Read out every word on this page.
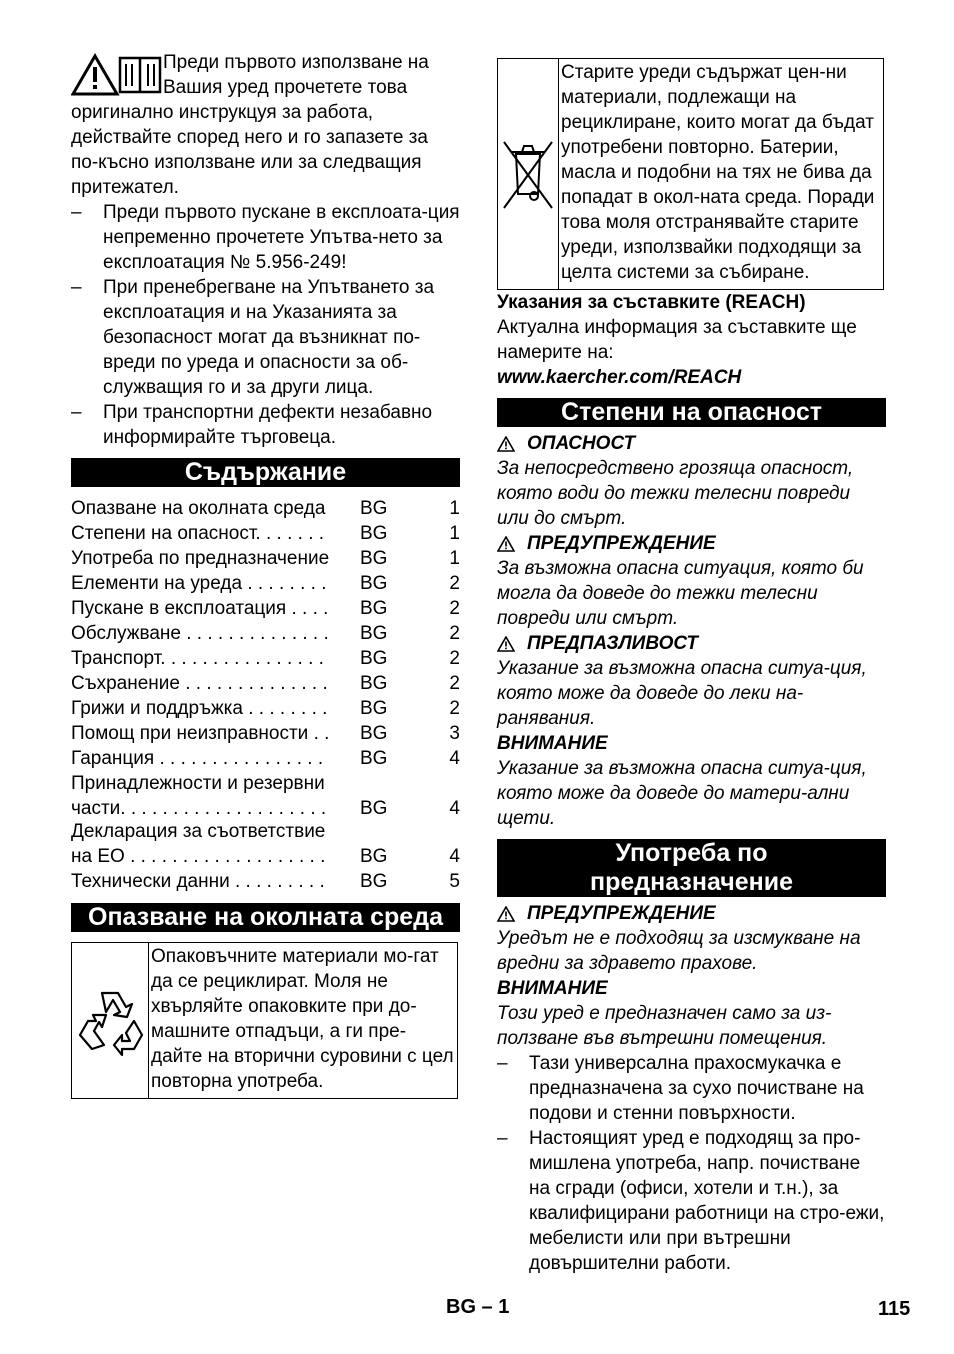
Преди първото използване на Вашия уред прочетете това оригинално инструкцуя за работа, действайте според него и го запазете за по-късно използване или за следващия притежател.

– Преди първото пускане в експлоата-ция непременно прочетете Упътва-нето за експлоатация № 5.956-249!
– При пренебрегване на Упътването за експлоатация и на Указанията за безопасност могат да възникнат по-вреди по уреда и опасности за об-служващия го и за други лица.
– При транспортни дефекти незабавно информирайте търговеца.
Съдържание
Опазване на околната среда	BG	1
Степени на опасност. . . . . . .	BG	1
Употреба по предназначение	BG	1
Елементи на уреда . . . . . . . .	BG	2
Пускане в експлоатация . . . .	BG	2
Обслужване . . . . . . . . . . . . . .	BG	2
Транспорт. . . . . . . . . . . . . . . .	BG	2
Съхранение . . . . . . . . . . . . . .	BG	2
Грижи и поддръжка . . . . . . . .	BG	2
Помощ при неизправности . .	BG	3
Гаранция . . . . . . . . . . . . . . . .	BG	4
Принадлежности и резервни
части. . . . . . . . . . . . . . . . . . . .	BG	4
Декларация за съответствие
на ЕО . . . . . . . . . . . . . . . . . . .	BG	4
Технически данни . . . . . . . . .	BG	5
Опазване на околната среда
Опаковъчните материали мо-гат да се рециклират. Моля не хвърляйте опаковките при до-машните отпадъци, а ги пре-дайте на вторични суровини с цел повторна употреба.
Старите уреди съдържат цен-ни материали, подлежащи на рециклиране, които могат да бъдат употребени повторно. Батерии, масла и подобни на тях не бива да попадат в окол-ната среда. Поради това моля отстранявайте старите уреди, използвайки подходящи за целта системи за събиране.

Указания за съставките (REACH)

Актуална информация за съставките ще намерите на:

www.kaercher.com/REACH

Степени на опасност
ОПАСНОСТ

За непосредствено грозяща опасност, която води до тежки телесни повреди или до смърт.

ПРЕДУПРЕЖДЕНИЕ

За възможна опасна ситуация, която би могла да доведе до тежки телесни повреди или смърт.

ПРЕДПАЗЛИВОСТ

Указание за възможна опасна ситуа-ция, която може да доведе до леки на-ранявания.

ВНИМАНИЕ

Указание за възможна опасна ситуа-ция, която може да доведе до матери-ални щети.

Употреба по
предназначение
ПРЕДУПРЕЖДЕНИЕ

Уредът не е подходящ за изсмукване на вредни за здравето прахове.

ВНИМАНИЕ

Този уред е предназначен само за из-ползване във вътрешни помещения.

– Тази универсална прахосмукачка е предназначена за сухо почистване на подови и стенни повърхности.
– Настоящият уред е подходящ за про-мишлена употреба, напр. почистване на сгради (офиси, хотели и т.н.), за квалифицирани работници на стро-ежи, мебелисти или при вътрешни довършителни работи.
BG – 1	115
